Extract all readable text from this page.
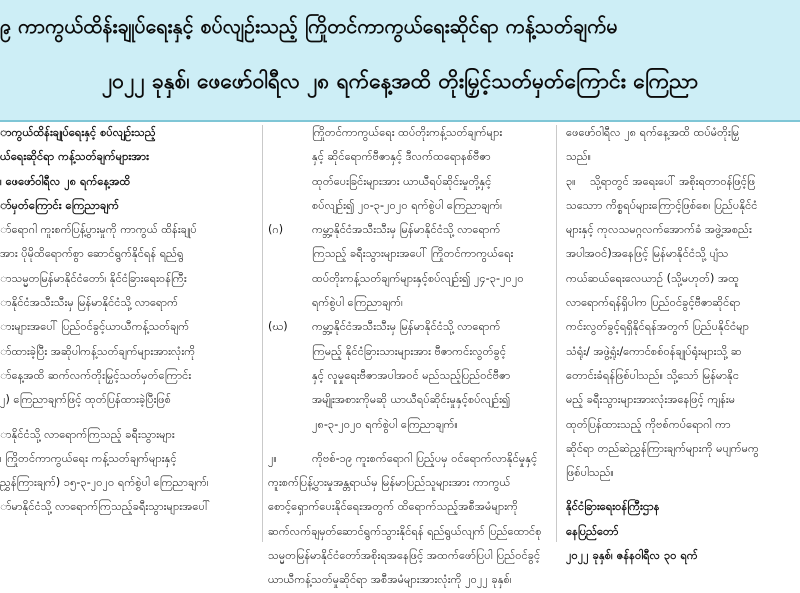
၉ ကာကွယ်ထိန်းချုပ်ရေးနှင့် စပ်လျဉ်းသည့် ကြိုတင်ကာကွယ်ရေးဆိုင်ရာ ကန့်သတ်ချက်မ
၂၀၂၂ ခုနှစ်၊ ဖေဖော်ဝါရီလ ၂၈ ရက်နေ့အထိ တိုးမြှင့်သတ်မှတ်ကြောင်း ကြေညာ
ာကွယ်ထိန်းချုပ်ရေးနှင့် စပ်လျဉ်းသည့်
ယ်ရေးဆိုင်ရာ ကန့်သတ်ချက်များအား
၊ ဖေဖော်ဝါရီလ ၂၈ ရက်နေ့အထိ
ာ်မှတ်ကြောင်း ကြေညာချက်
ာ်ရောဂါ ကူးစက်ပြန့်ပွားမှုကို ကာကွယ် ထိန်းချုပ်
အား ပိုမိုထိရောက်စွာ ဆောင်ရွက်နိုင်ရန် ရည်ရွ
ာသမ္မတမြန်မာနိုင်ငံတော်၊ နိုင်ငံခြားရေးဝန်ကြီး
ာနိုင်ငံအသီးသီးမှ မြန်မာနိုင်ငံသို့ လာရောက်
ားများအပေါ် ပြည်ဝင်ခွင့်ယာယီကန့်သတ်ချက်
ာ်ထားခဲ့ပြီး အဆိုပါကန့်သတ်ချက်များအားလုံးကို
ာ်နေ့အထိ ဆက်လက်တိုးမြှင့်သတ်မှတ်ကြောင်း
၂) ကြေညာချက်ဖြင့် ထုတ်ပြန်ထားခဲ့ပြီးဖြစ်
ာနိုင်ငံသို့ လာရောက်ကြသည့် ခရီးသွားများ
၊ ကြိုတင်ကာကွယ်ရေး ကန့်သတ်ချက်များနှင့်
ညွှန်ကြားချက်) ၁၅-၃-၂၀၂၀ ရက်စွဲပါ ကြေညာချက်၊
ာ်မာနိုင်ငံသို့ လာရောက်ကြသည့်ခရီးသွားများအပေါ်
ကြိုတင်ကာကွယ်ရေး ထပ်တိုးကန့်သတ်ချက်များ
နှင့် ဆိုင်ရောက်ဗီဇာနှင့် ဒီလက်ထရောနစ်ဗီဇာ
ထုတ်ပေးခြင်းများအား ယာယီရပ်ဆိုင်းမှုတို့နှင့်
စပ်လျဉ်း၍ ၂၀-၃-၂၀၂၀ ရက်စွဲပါ ကြေညာချက်၊
(ဂ)	ကမ္ဘာ့နိုင်ငံအသီးသီးမှ မြန်မာနိုင်ငံသို့ လာရောက်
ကြသည့် ခရီးသွားများအပေါ် ကြိုတင်ကာကွယ်ရေး
ထပ်တိုးကန့်သတ်ချက်များနှင့်စပ်လျဉ်း၍ ၂၄-၃-၂၀၂၀
ရက်စွဲပါ ကြေညာချက်၊
(ဃ) ကမ္ဘာ့နိုင်ငံအသီးသီးမှ မြန်မာနိုင်ငံသို့ လာရောက်
ကြမည့် နိုင်ငံခြားသားများအား ဗီဇာကင်းလွတ်ခွင့်
နှင့် လူမှုရေးဗီဇာအပါအဝင် မည်သည့်ပြည်ဝင်ဗီဇာ
အမျိုးအစားကိုမဆို ယာယီရပ်ဆိုင်းမှုနှင့်စပ်လျဉ်း၍
၂၈-၃-၂၀၂၀ ရက်စွဲပါ ကြေညာချက်။
၂။	ကိုဗစ်-၁၉ ကူးစက်ရောဂါ ပြည့်ပမှ ဝင်ရောက်လာနိုင်မှုနှင့်
ကူးစက်ပြန့်ပွားမှုအန္တရာယ်မှ မြန်မာပြည်သူများအား ကာကွယ်
စောင့်ရှောက်ပေးနိုင်ရေးအတွက် ထိရောက်သည့်အစီအမံများကို
ဆက်လက်ချမှတ်ဆောင်ရွက်သွားနိုင်ရန် ရည်ရွယ်လျက် ပြည်ထောင်စု
သမ္မတမြန်မာနိုင်ငံတော်အစိုးရအနေဖြင့် အထက်ဖော်ပြပါ ပြည်ဝင်ခွင့်
ယာယီကန့်သတ်မှုဆိုင်ရာ အစီအမံများအားလုံးကို ၂၀၂၂ ခုနှစ်၊
ဖေဖော်ဝါရီလ ၂၈ ရက်နေ့အထိ ထပ်မံတိုးမြှ
သည်။
၃။ သို့ရာတွင် အရေးပေါ် အစိုးရတာဝန်ဖြင့်ဖြ
သသောာ ကိစ္စရပ်များကြောင့်ဖြစ်စေ၊ ပြည်ပနိုင်ငံ
များနှင့် ကုလသမဂ္ဂလက်အောက်ခံ အဖွဲ့အစည်း
အပါအဝင်)အနေဖြင့် မြန်မာနိုင်ငံသို့ ပျံသ
ကယ်ဆယ်ရေးလေယာဉ် (သို့မဟုတ်) အထူ
လာရောက်ရန်ရှိပါက ပြည်ဝင်ခွင့်ဗီဇာဆိုင်ရာ
ကင်းလွတ်ခွင့်ရရှိနိုင်ရန်အတွက် ပြည်ပနိုင်ငံမျာ
သံရုံး/ အဖွဲ့ရုံး/ကောင်စစ်ဝန်ချုပ်ရုံးများသို့ ဆ
တောင်းခံရန်ဖြစ်ပါသည်။ သို့သော် မြန်မာနိုင
မည့် ခရီးသွားများအားလုံးအနေဖြင့် ကျန်းမ
ထုတ်ပြန်ထားသည့် ကိုဗစ်ကပ်ရောဂါ ကာ
ဆိုင်ရာ တည်ဆဲညွှန်ကြားချက်များကို မပျက်မကွ
ဖြစ်ပါသည်။
နိုင်ငံခြားရေးဝန်ကြီးဌာန
နေပြည်တော်
၂၀၂၂ ခုနှစ်၊ ဇန်နဝါရီလ ၃၀ ရက်
